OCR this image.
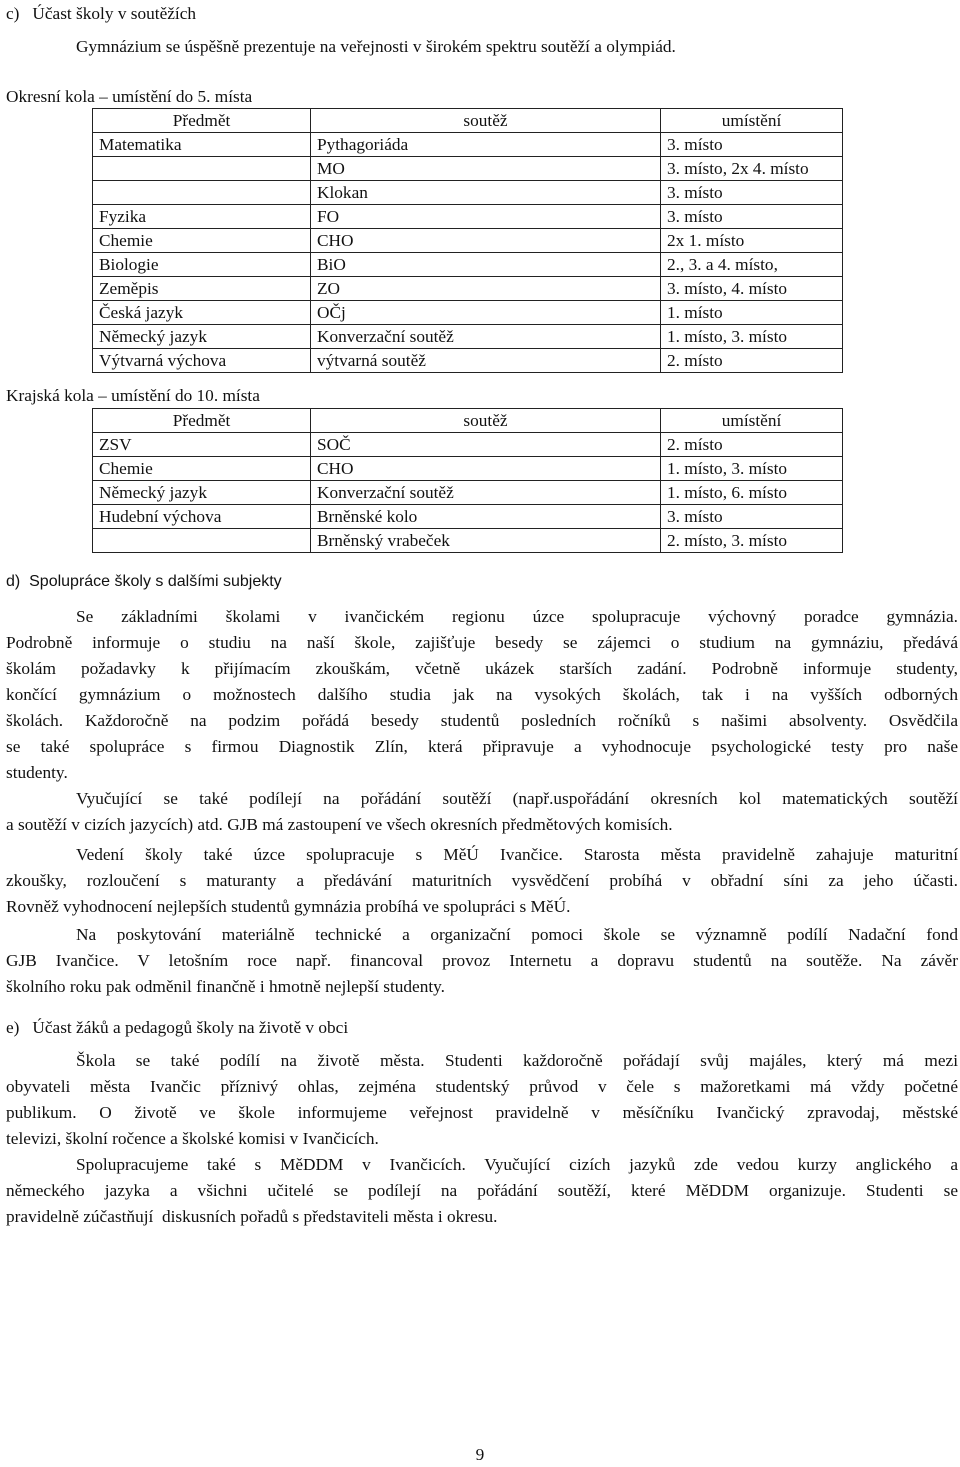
c)   Účast školy v soutěžích
Gymnázium se úspěšně prezentuje na veřejnosti v širokém spektru soutěží a olympiád.
Okresní kola – umístění do 5. místa
Předmět	soutěž	umístění
Matematika	Pythagoriáda	3. místo
	MO	3. místo, 2x 4. místo
	Klokan	3. místo
Fyzika	FO	3. místo
Chemie	CHO	2x 1. místo
Biologie	BiO	2., 3. a 4. místo,
Zeměpis	ZO	3. místo, 4. místo
Česká jazyk	OČj	1. místo
Německý jazyk	Konverzační soutěž	1. místo, 3. místo
Výtvarná výchova	výtvarná soutěž	2. místo
Krajská kola – umístění do 10. místa
Předmět	soutěž	umístění
ZSV	SOČ	2. místo
Chemie	CHO	1. místo, 3. místo
Německý jazyk	Konverzační soutěž	1. místo, 6. místo
Hudební výchova	Brněnské kolo	3. místo
	Brněnský vrabeček	2. místo, 3. místo
d)  Spolupráce školy s dalšími subjekty
Se základními školami v ivančickém regionu úzce spolupracuje výchovný poradce gymnázia.
Podrobně informuje o studiu na naší škole, zajišťuje besedy se zájemci o studium na gymnáziu, předává
školám požadavky k přijímacím zkouškám, včetně ukázek starších zadání. Podrobně informuje studenty,
končící gymnázium o možnostech dalšího studia jak na vysokých školách, tak i na vyšších odborných
školách. Každoročně na podzim pořádá besedy studentů posledních ročníků s našimi absolventy. Osvědčila
se také spolupráce s firmou Diagnostik Zlín, která připravuje a vyhodnocuje psychologické testy pro naše
studenty.
Vyučující se také podílejí na pořádání soutěží (např.uspořádání okresních kol matematických soutěží
a soutěží v cizích jazycích) atd. GJB má zastoupení ve všech okresních předmětových komisích.
Vedení školy také úzce spolupracuje s MěÚ Ivančice. Starosta města pravidelně zahajuje maturitní
zkoušky, rozloučení s maturanty a předávání maturitních vysvědčení probíhá v obřadní síni za jeho účasti.
Rovněž vyhodnocení nejlepších studentů gymnázia probíhá ve spolupráci s MěÚ.
Na poskytování materiálně technické a organizační pomoci škole se významně podílí Nadační fond
GJB Ivančice. V letošním roce např. financoval provoz Internetu a dopravu studentů na soutěže. Na závěr
školního roku pak odměnil finančně i hmotně nejlepší studenty.
e)   Účast žáků a pedagogů školy na životě v obci
Škola se také podílí na životě města. Studenti každoročně pořádají svůj majáles, který má mezi
obyvateli města Ivančic příznivý ohlas, zejména studentský průvod v čele s mažoretkami má vždy početné
publikum. O životě ve škole informujeme veřejnost pravidelně v měsíčníku Ivančický zpravodaj, městské
televizi, školní ročence a školské komisi v Ivančicích.
Spolupracujeme také s MěDDM v Ivančicích. Vyučující cizích jazyků zde vedou kurzy anglického a
německého jazyka a všichni učitelé se podílejí na pořádání soutěží, které MěDDM organizuje. Studenti se
pravidelně zúčastňují  diskusních pořadů s představiteli města i okresu.
9
